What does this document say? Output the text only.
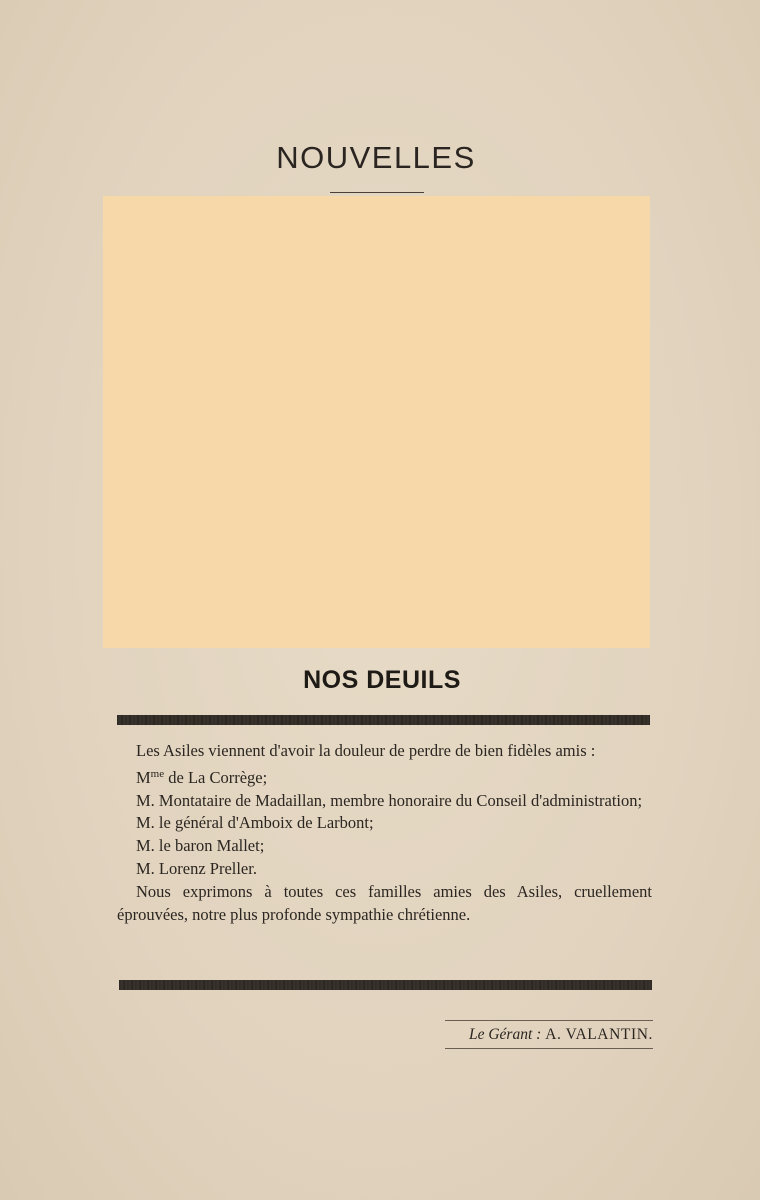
NOUVELLES
NOS DEUILS

Les Asiles viennent d'avoir la douleur de perdre de bien fidèles amis :

$M^{me}$ de La Corrège;

M. Montataire de Madaillan, membre honoraire du Conseil d'administration;

M. le général d'Amboix de Larbont;

M. le baron Mallet;

M. Lorenz Preller.

Nous exprimons à toutes ces familles amies des Asiles, cruellement éprouvées, notre plus profonde sympathie chrétienne.

Le Gérant : A. VALANTIN.
